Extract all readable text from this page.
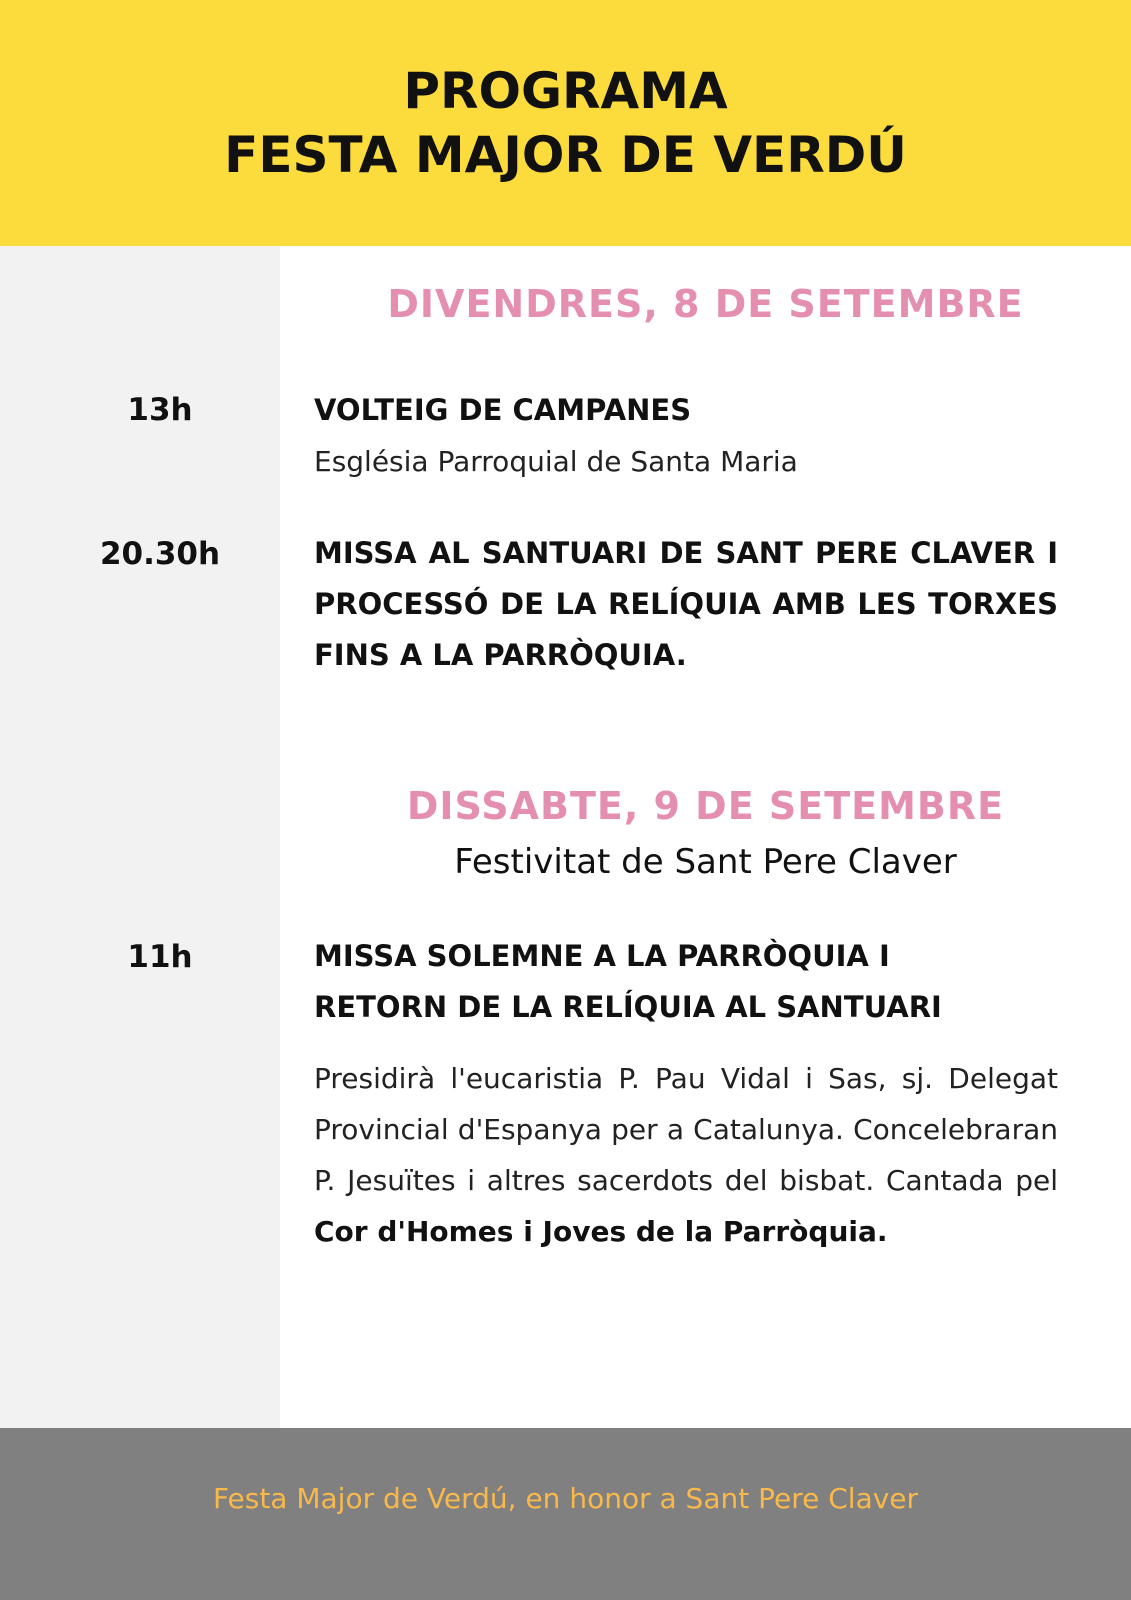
PROGRAMA
FESTA MAJOR DE VERDÚ
DIVENDRES, 8 DE SETEMBRE
13h	VOLTEIG DE CAMPANES
Església Parroquial de Santa Maria
20.30h	MISSA AL SANTUARI DE SANT PERE CLAVER I PROCESSÓ DE LA RELÍQUIA AMB LES TORXES FINS A LA PARRÒQUIA.
DISSABTE, 9 DE SETEMBRE
Festivitat de Sant Pere Claver
11h	MISSA SOLEMNE A LA PARRÒQUIA I
RETORN DE LA RELÍQUIA AL SANTUARI

Presidirà l'eucaristia P. Pau Vidal i Sas, sj. Delegat Provincial d'Espanya per a Catalunya. Concelebraran P. Jesuïtes i altres sacerdots del bisbat. Cantada pel Cor d'Homes i Joves de la Parròquia.

Festa Major de Verdú, en honor a Sant Pere Claver
